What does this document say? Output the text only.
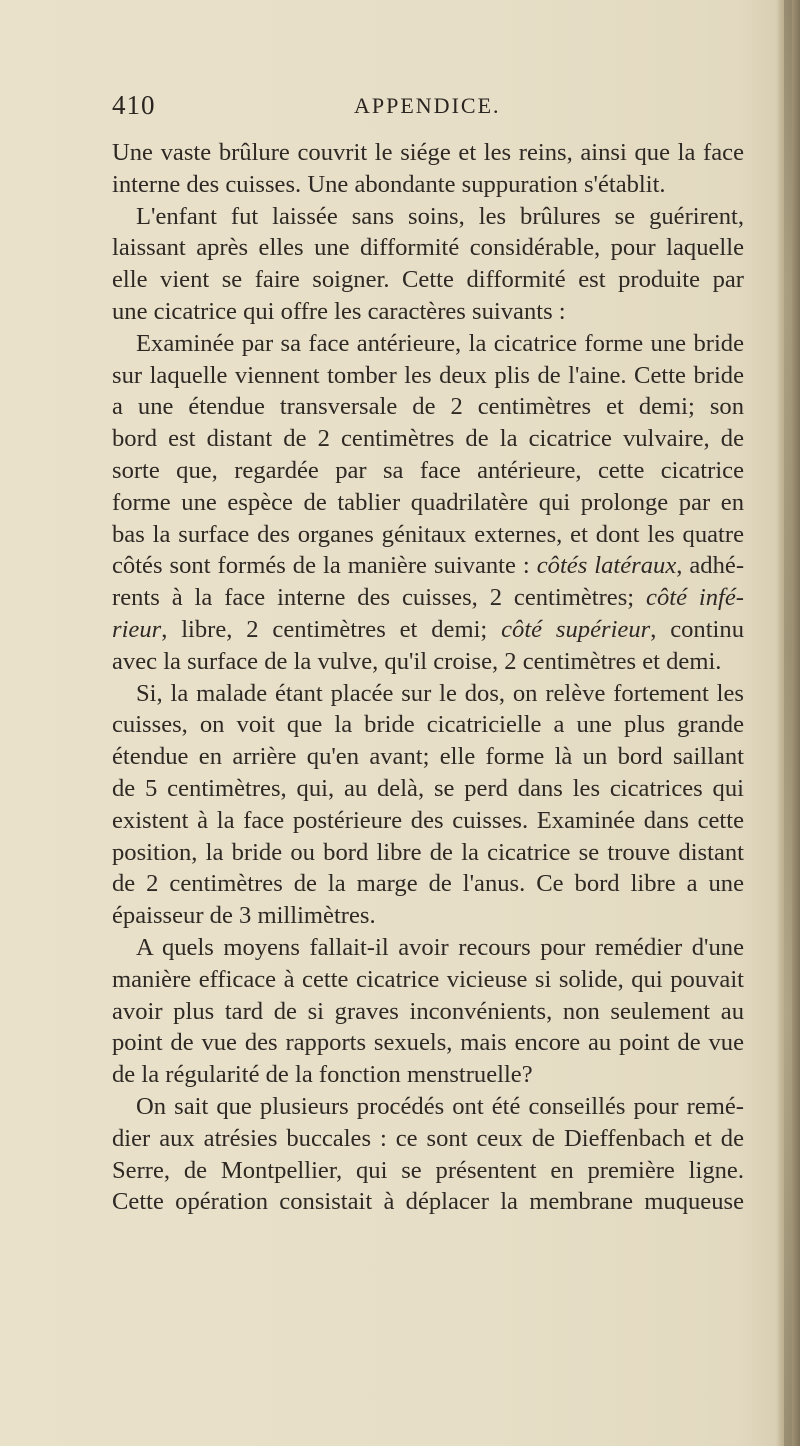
410	APPENDICE.
Une vaste brûlure couvrit le siége et les reins, ainsi que la face
interne des cuisses. Une abondante suppuration s'établit.
L'enfant fut laissée sans soins, les brûlures se guérirent,
laissant après elles une difformité considérable, pour laquelle
elle vient se faire soigner. Cette difformité est produite par
une cicatrice qui offre les caractères suivants :
Examinée par sa face antérieure, la cicatrice forme une bride
sur laquelle viennent tomber les deux plis de l'aine. Cette bride
a une étendue transversale de 2 centimètres et demi; son
bord est distant de 2 centimètres de la cicatrice vulvaire, de
sorte que, regardée par sa face antérieure, cette cicatrice
forme une espèce de tablier quadrilatère qui prolonge par en
bas la surface des organes génitaux externes, et dont les quatre
côtés sont formés de la manière suivante : côtés latéraux, adhé-
rents à la face interne des cuisses, 2 centimètres; côté infé-
rieur, libre, 2 centimètres et demi; côté supérieur, continu
avec la surface de la vulve, qu'il croise, 2 centimètres et demi.
Si, la malade étant placée sur le dos, on relève fortement les
cuisses, on voit que la bride cicatricielle a une plus grande
étendue en arrière qu'en avant; elle forme là un bord saillant
de 5 centimètres, qui, au delà, se perd dans les cicatrices qui
existent à la face postérieure des cuisses. Examinée dans cette
position, la bride ou bord libre de la cicatrice se trouve distant
de 2 centimètres de la marge de l'anus. Ce bord libre a une
épaisseur de 3 millimètres.
A quels moyens fallait-il avoir recours pour remédier d'une
manière efficace à cette cicatrice vicieuse si solide, qui pouvait
avoir plus tard de si graves inconvénients, non seulement au
point de vue des rapports sexuels, mais encore au point de vue
de la régularité de la fonction menstruelle?
On sait que plusieurs procédés ont été conseillés pour remé-
dier aux atrésies buccales : ce sont ceux de Dieffenbach et de
Serre, de Montpellier, qui se présentent en première ligne.
Cette opération consistait à déplacer la membrane muqueuse
